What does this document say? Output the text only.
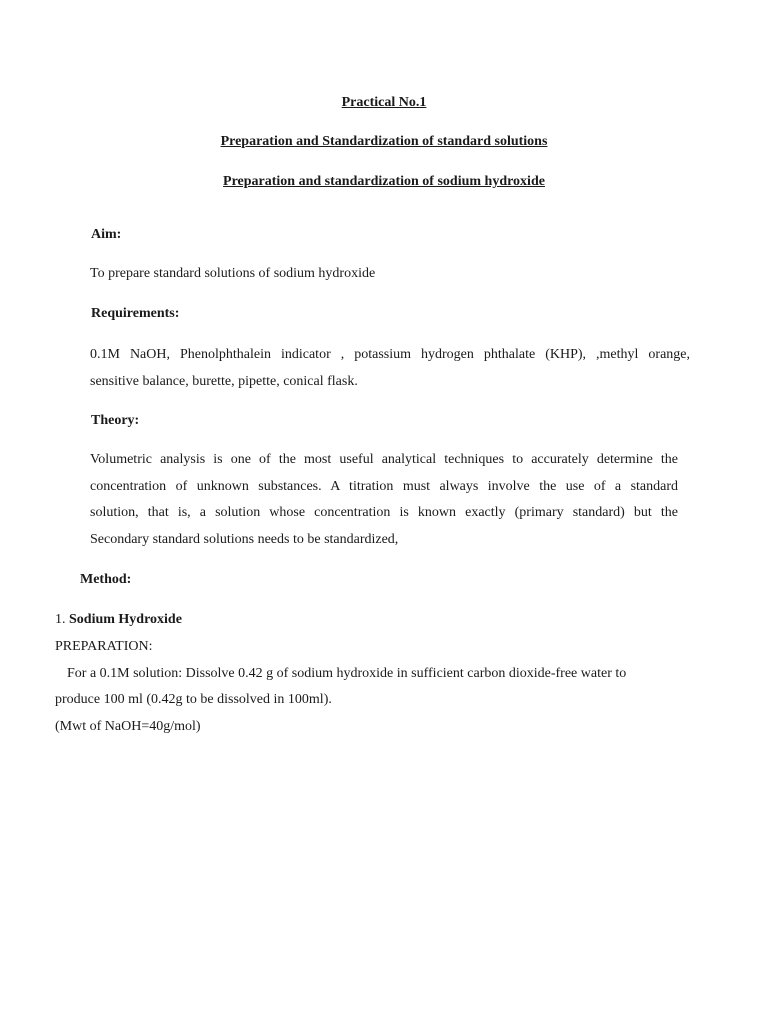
Practical No.1
Preparation and Standardization of standard solutions
Preparation and standardization of sodium hydroxide
Aim:
To prepare standard solutions of sodium hydroxide
Requirements:
0.1M NaOH, Phenolphthalein indicator , potassium hydrogen phthalate (KHP), ,methyl orange,
sensitive balance, burette, pipette, conical flask.
Theory:
Volumetric analysis is one of the most useful analytical techniques to accurately determine the
concentration of unknown substances. A titration must always involve the use of a standard
solution, that is, a solution whose concentration is known exactly (primary standard) but the
Secondary standard solutions needs to be standardized,
Method:
1. Sodium Hydroxide
PREPARATION:
For a 0.1M solution: Dissolve 0.42 g of sodium hydroxide in sufficient carbon dioxide-free water to
produce 100 ml (0.42g to be dissolved in 100ml).
(Mwt of NaOH=40g/mol)
